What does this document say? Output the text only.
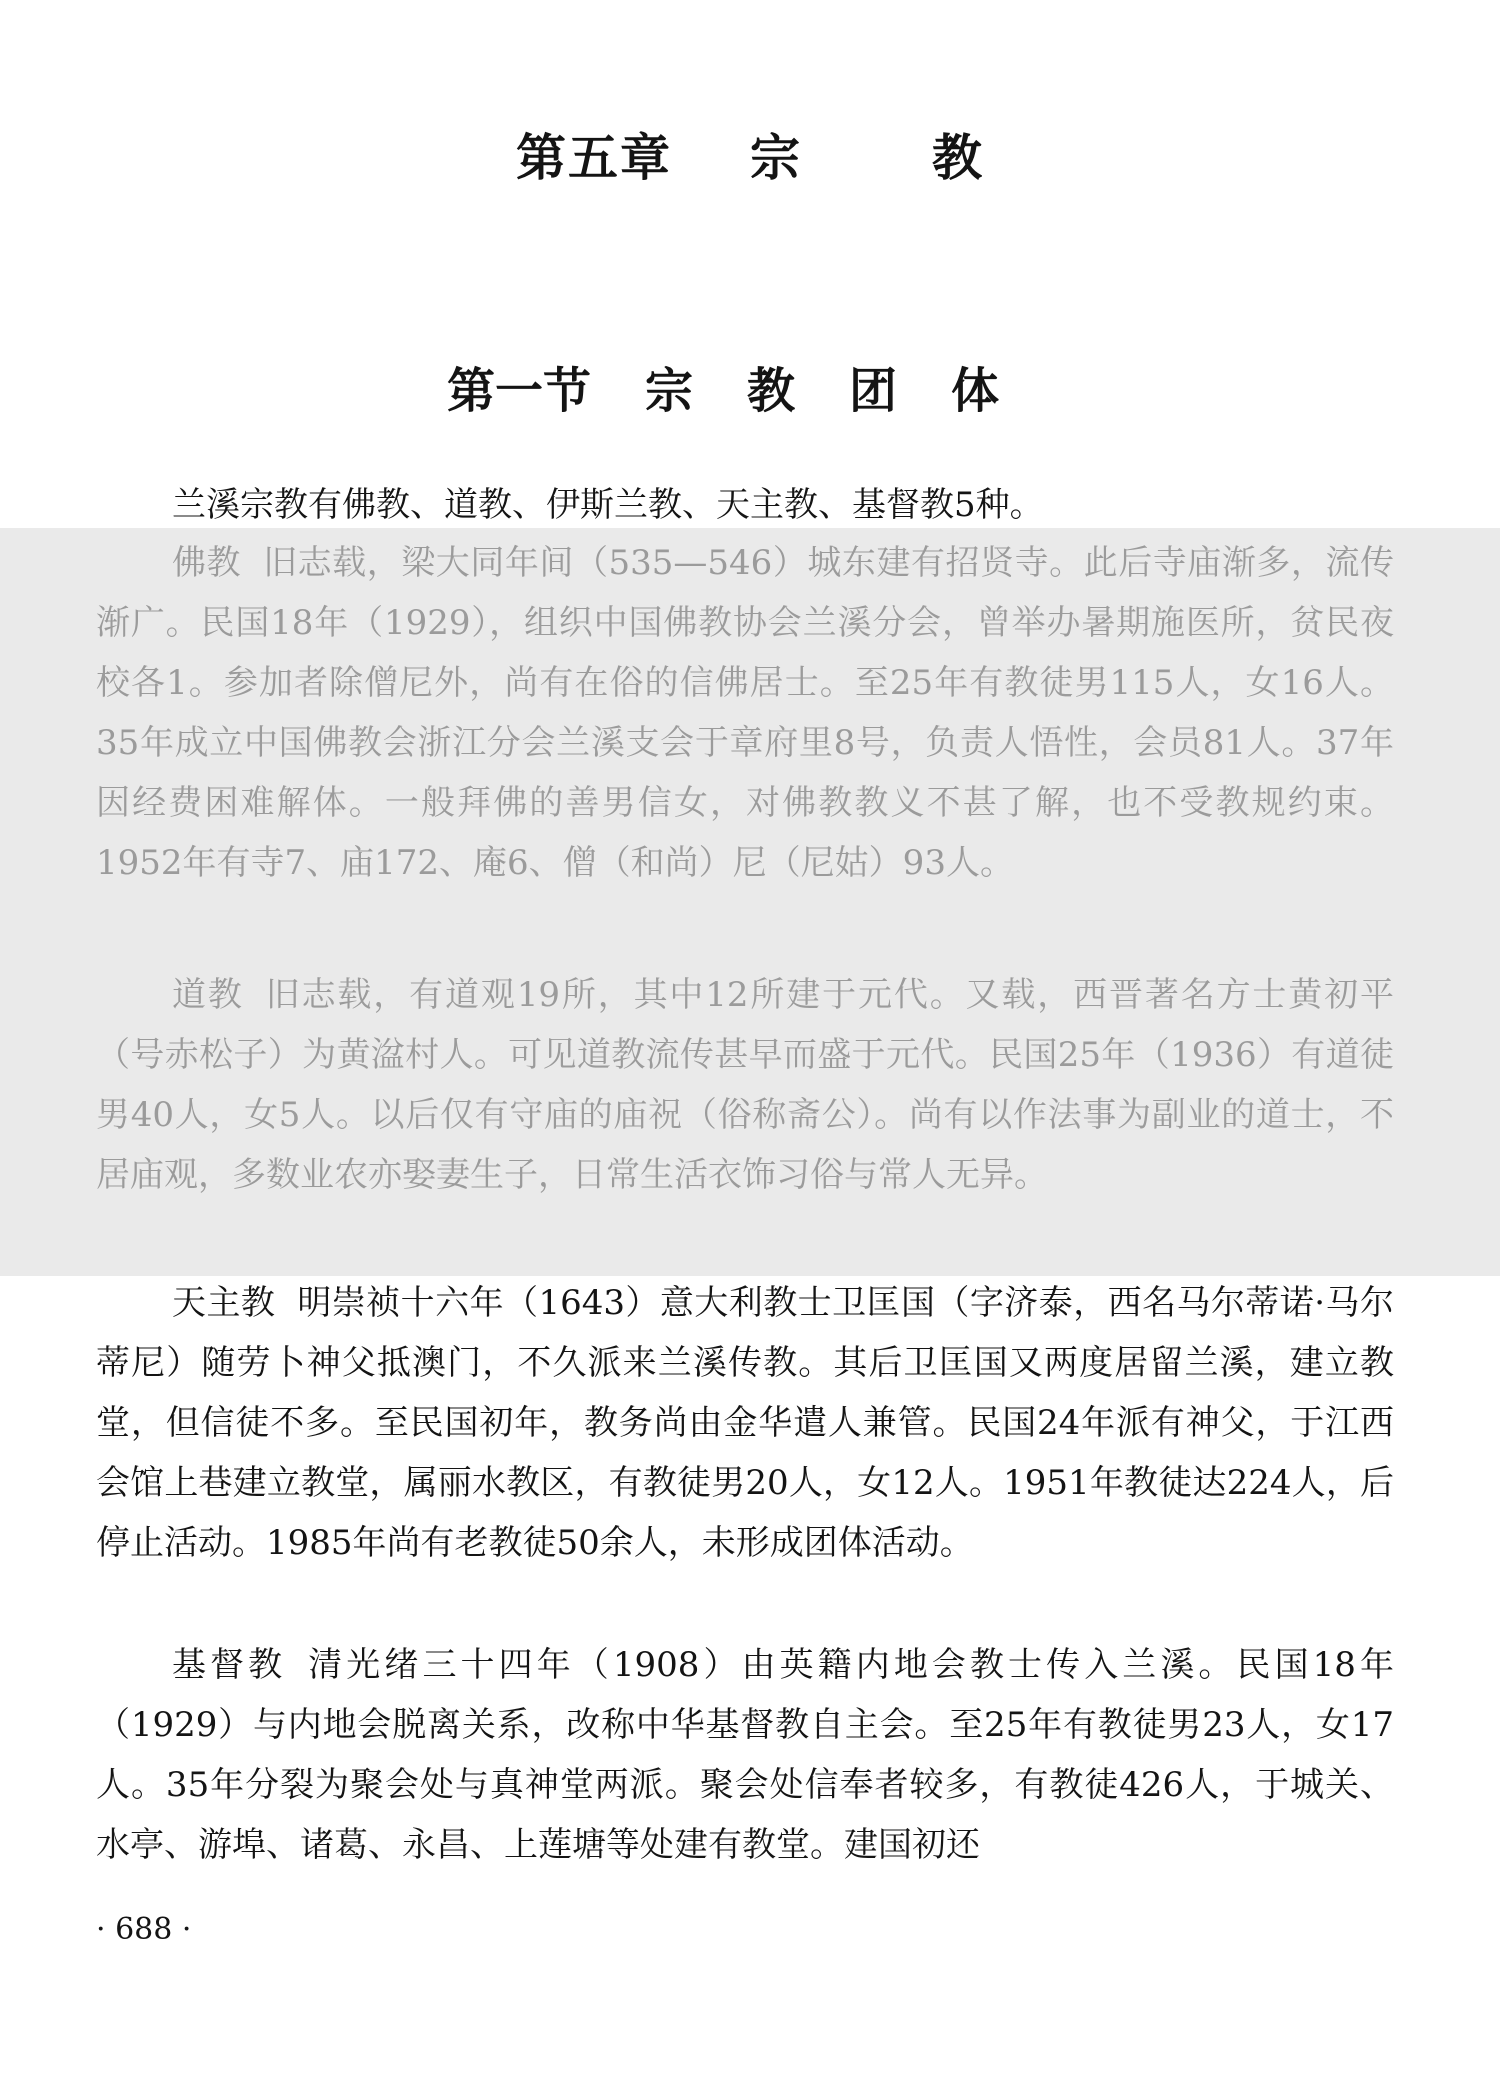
第五章 宗	教
第一节 宗教团体

兰溪宗教有佛教、道教、伊斯兰教、天主教、基督教5种。

佛教 旧志载，梁大同年间（535—546）城东建有招贤寺。此后寺庙渐多，流传渐广。民国18年（1929），组织中国佛教协会兰溪分会，曾举办暑期施医所，贫民夜校各1。参加者除僧尼外，尚有在俗的信佛居士。至25年有教徒男115人，女16人。35年成立中国佛教会浙江分会兰溪支会于章府里8号，负责人悟性，会员81人。37年因经费困难解体。一般拜佛的善男信女，对佛教教义不甚了解，也不受教规约束。1952年有寺7、庙172、庵6、僧（和尚）尼（尼姑）93人。

道教 旧志载，有道观19所，其中12所建于元代。又载，西晋著名方士黄初平（号赤松子）为黄湓村人。可见道教流传甚早而盛于元代。民国25年（1936）有道徒男40人，女5人。以后仅有守庙的庙祝（俗称斋公）。尚有以作法事为副业的道士，不居庙观，多数业农亦娶妻生子，日常生活衣饰习俗与常人无异。

天主教 明崇祯十六年（1643）意大利教士卫匡国（字济泰，西名马尔蒂诺·马尔蒂尼）随劳卜神父抵澳门，不久派来兰溪传教。其后卫匡国又两度居留兰溪，建立教堂，但信徒不多。至民国初年，教务尚由金华遣人兼管。民国24年派有神父，于江西会馆上巷建立教堂，属丽水教区，有教徒男20人，女12人。1951年教徒达224人，后停止活动。1985年尚有老教徒50余人，未形成团体活动。

基督教 清光绪三十四年（1908）由英籍内地会教士传入兰溪。民国18年（1929）与内地会脱离关系，改称中华基督教自主会。至25年有教徒男23人，女17人。35年分裂为聚会处与真神堂两派。聚会处信奉者较多，有教徒426人，于城关、水亭、游埠、诸葛、永昌、上莲塘等处建有教堂。建国初还

· 688 ·
